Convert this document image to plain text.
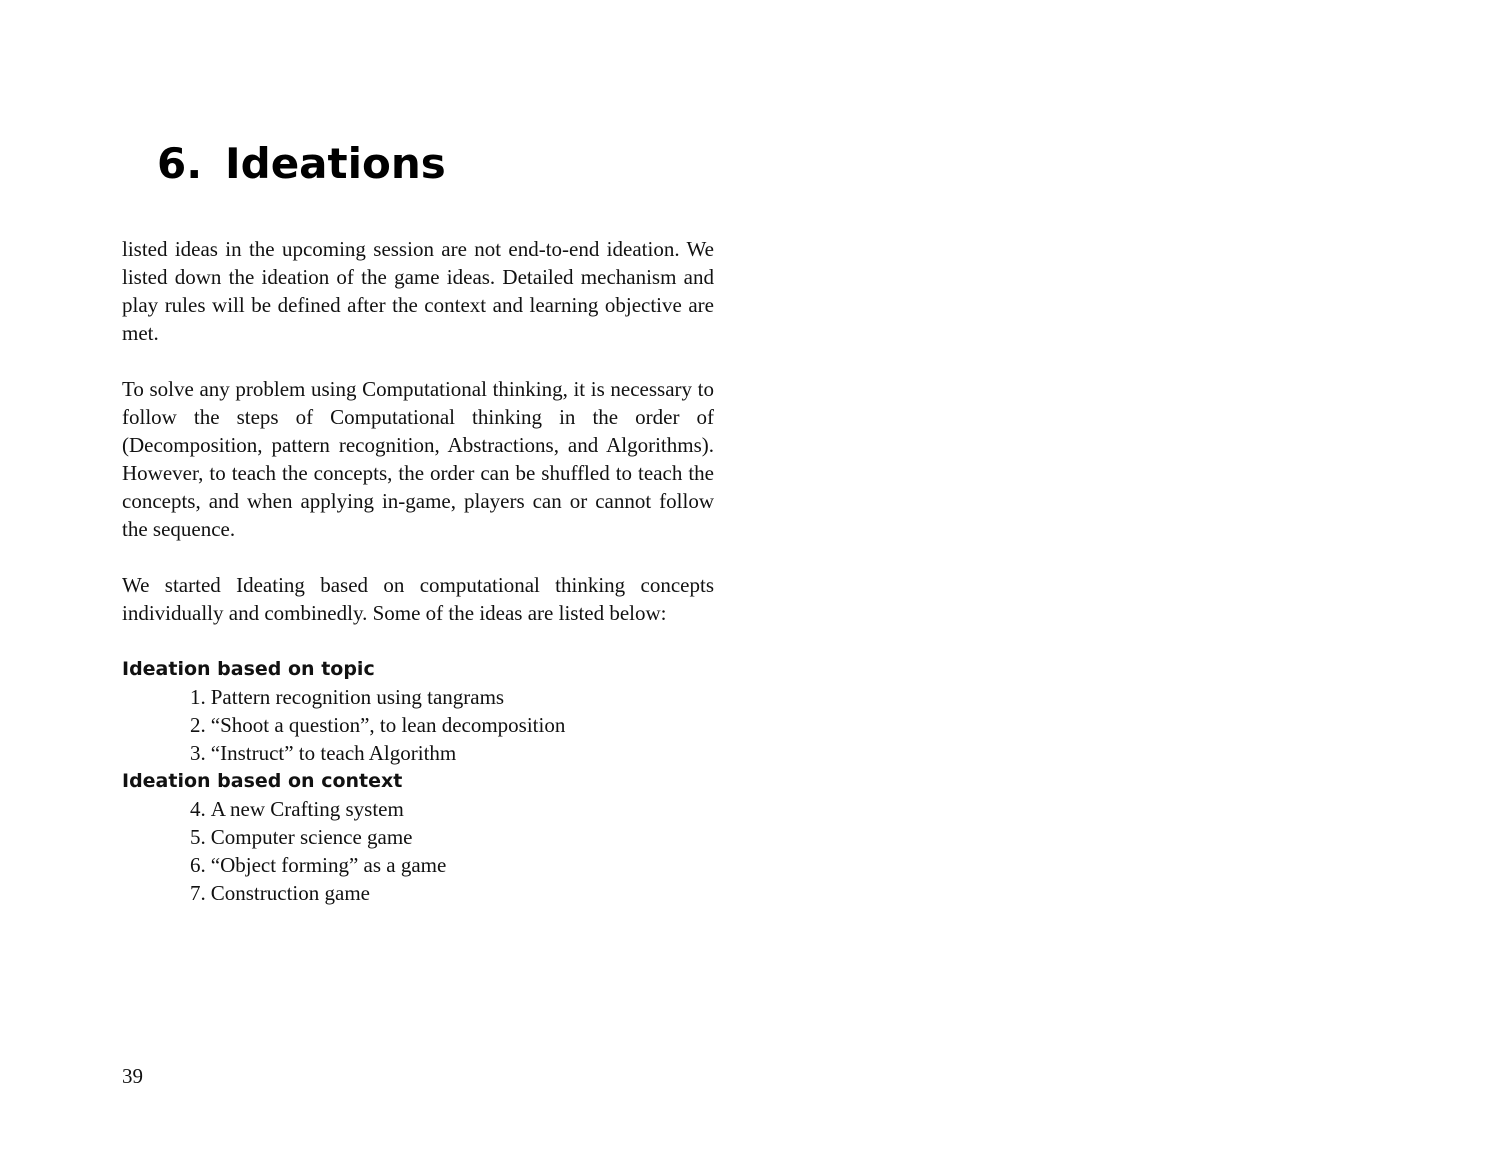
6. Ideations

listed ideas in the upcoming session are not end-to-end ideation. We listed down the ideation of the game ideas. Detailed mechanism and play rules will be defined after the context and learning objective are met.

To solve any problem using Computational thinking, it is necessary to follow the steps of Computational thinking in the order of (Decomposition, pattern recognition, Abstractions, and Algorithms). However, to teach the concepts, the order can be shuffled to teach the concepts, and when applying in-game, players can or cannot follow the sequence.

We started Ideating based on computational thinking concepts individually and combinedly. Some of the ideas are listed below:

Ideation based on topic

1. Pattern recognition using tangrams
2. “Shoot a question”, to lean decomposition
3. “Instruct” to teach Algorithm

Ideation based on context

4. A new Crafting system
5. Computer science game
6. “Object forming” as a game
7. Construction game
39
